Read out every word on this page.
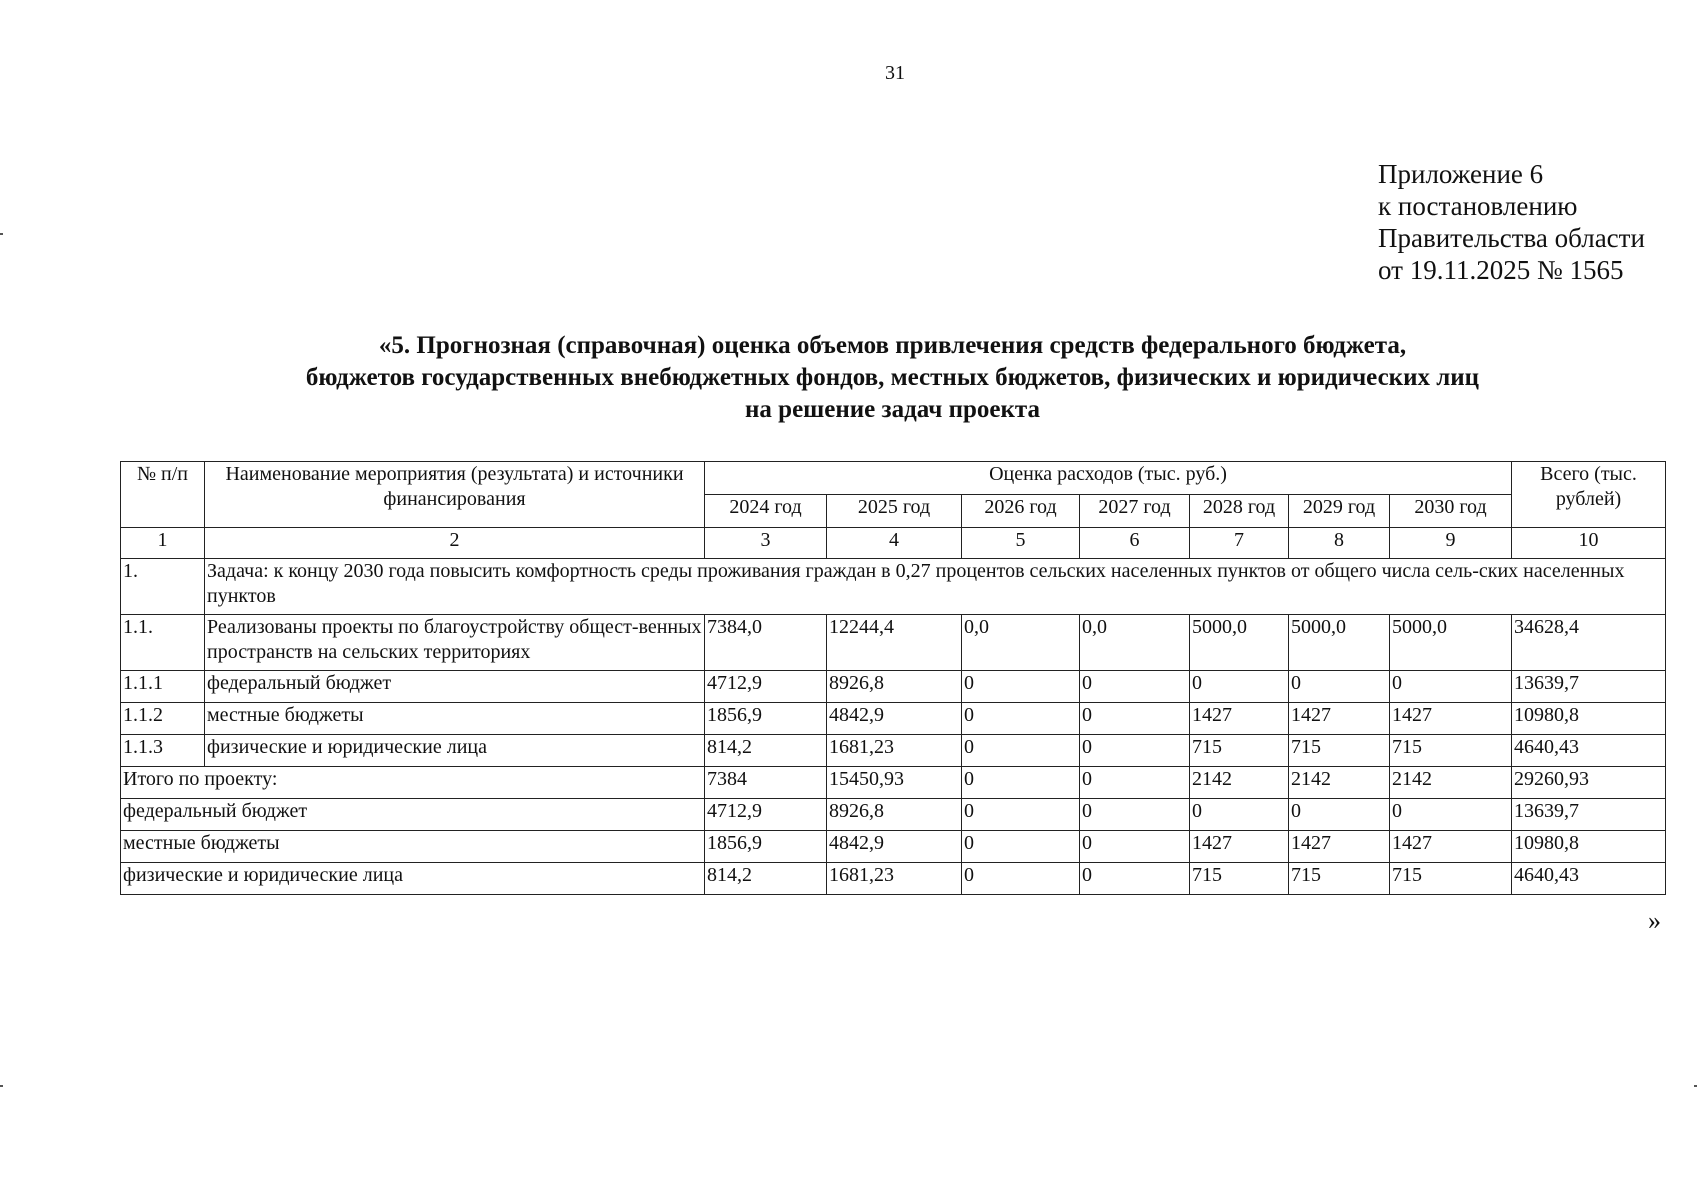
31
Приложение 6
к постановлению
Правительства области
от 19.11.2025 № 1565
«5. Прогнозная (справочная) оценка объемов привлечения средств федерального бюджета,
бюджетов государственных внебюджетных фондов, местных бюджетов, физических и юридических лиц
на решение задач проекта
№ п/п	Наименование мероприятия (результата) и источники финансирования	Оценка расходов (тыс. руб.)							Всего (тыс. рублей)
		2024 год	2025 год	2026 год	2027 год	2028 год	2029 год	2030 год	
1	2	3	4	5	6	7	8	9	10
1.	Задача: к концу 2030 года повысить комфортность среды проживания граждан в 0,27 процентов сельских населенных пунктов от общего числа сель-ских населенных пунктов								
1.1.	Реализованы проекты по благоустройству общест-венных пространств на сельских территориях	7384,0	12244,4	0,0	0,0	5000,0	5000,0	5000,0	34628,4
1.1.1	федеральный бюджет	4712,9	8926,8	0	0	0	0	0	13639,7
1.1.2	местные бюджеты	1856,9	4842,9	0	0	1427	1427	1427	10980,8
1.1.3	физические и юридические лица	814,2	1681,23	0	0	715	715	715	4640,43
Итого по проекту:		7384	15450,93	0	0	2142	2142	2142	29260,93
федеральный бюджет		4712,9	8926,8	0	0	0	0	0	13639,7
местные бюджеты		1856,9	4842,9	0	0	1427	1427	1427	10980,8
физические и юридические лица		814,2	1681,23	0	0	715	715	715	4640,43
»
